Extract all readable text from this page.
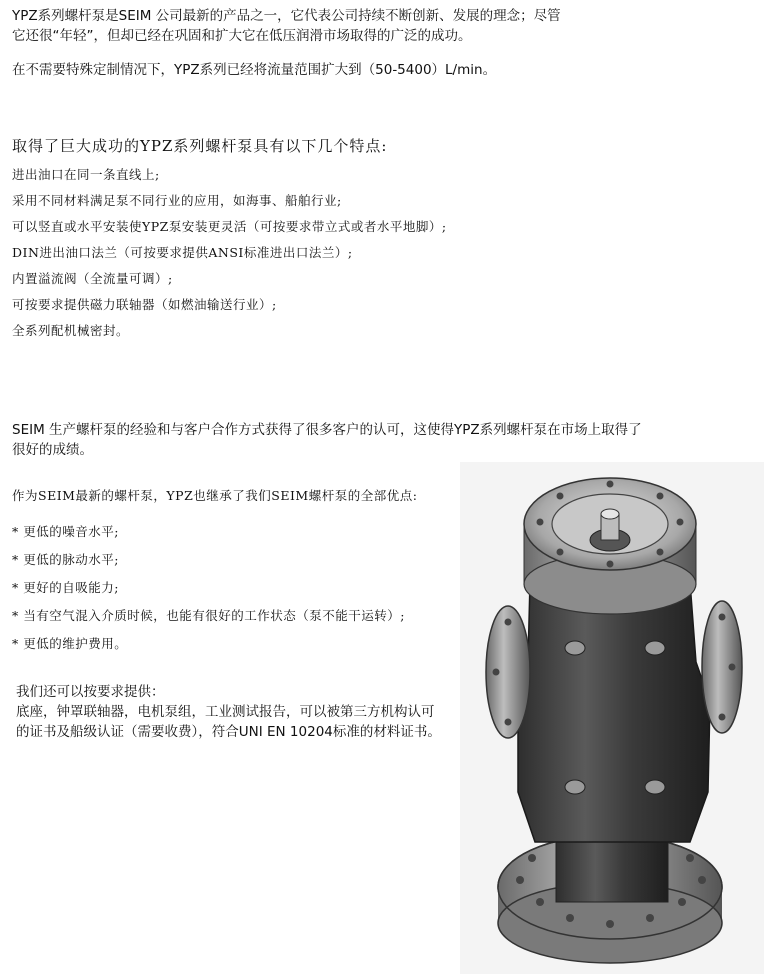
YPZ系列螺杆泵是SEIM 公司最新的产品之一，它代表公司持续不断创新、发展的理念；尽管

它还很“年轻”，但却已经在巩固和扩大它在低压润滑市场取得的广泛的成功。

在不需要特殊定制情况下，YPZ系列已经将流量范围扩大到（50-5400）L/min。

取得了巨大成功的YPZ系列螺杆泵具有以下几个特点:

进出油口在同一条直线上;

采用不同材料满足泵不同行业的应用，如海事、船舶行业;

可以竖直或水平安装使YPZ泵安装更灵活（可按要求带立式或者水平地脚）;

DIN进出油口法兰（可按要求提供ANSI标准进出口法兰）;

内置溢流阀（全流量可调）;

可按要求提供磁力联轴器（如燃油输送行业）;

全系列配机械密封。

SEIM 生产螺杆泵的经验和与客户合作方式获得了很多客户的认可，这使得YPZ系列螺杆泵在市场上取得了

很好的成绩。

作为SEIM最新的螺杆泵，YPZ也继承了我们SEIM螺杆泵的全部优点:

* 更低的噪音水平;

* 更低的脉动水平;

* 更好的自吸能力;

* 当有空气混入介质时候，也能有很好的工作状态（泵不能干运转）;

* 更低的维护费用。

我们还可以按要求提供：

底座，钟罩联轴器，电机泵组，工业测试报告，可以被第三方机构认可

的证书及船级认证（需要收费），符合UNI EN 10204标准的材料证书。
